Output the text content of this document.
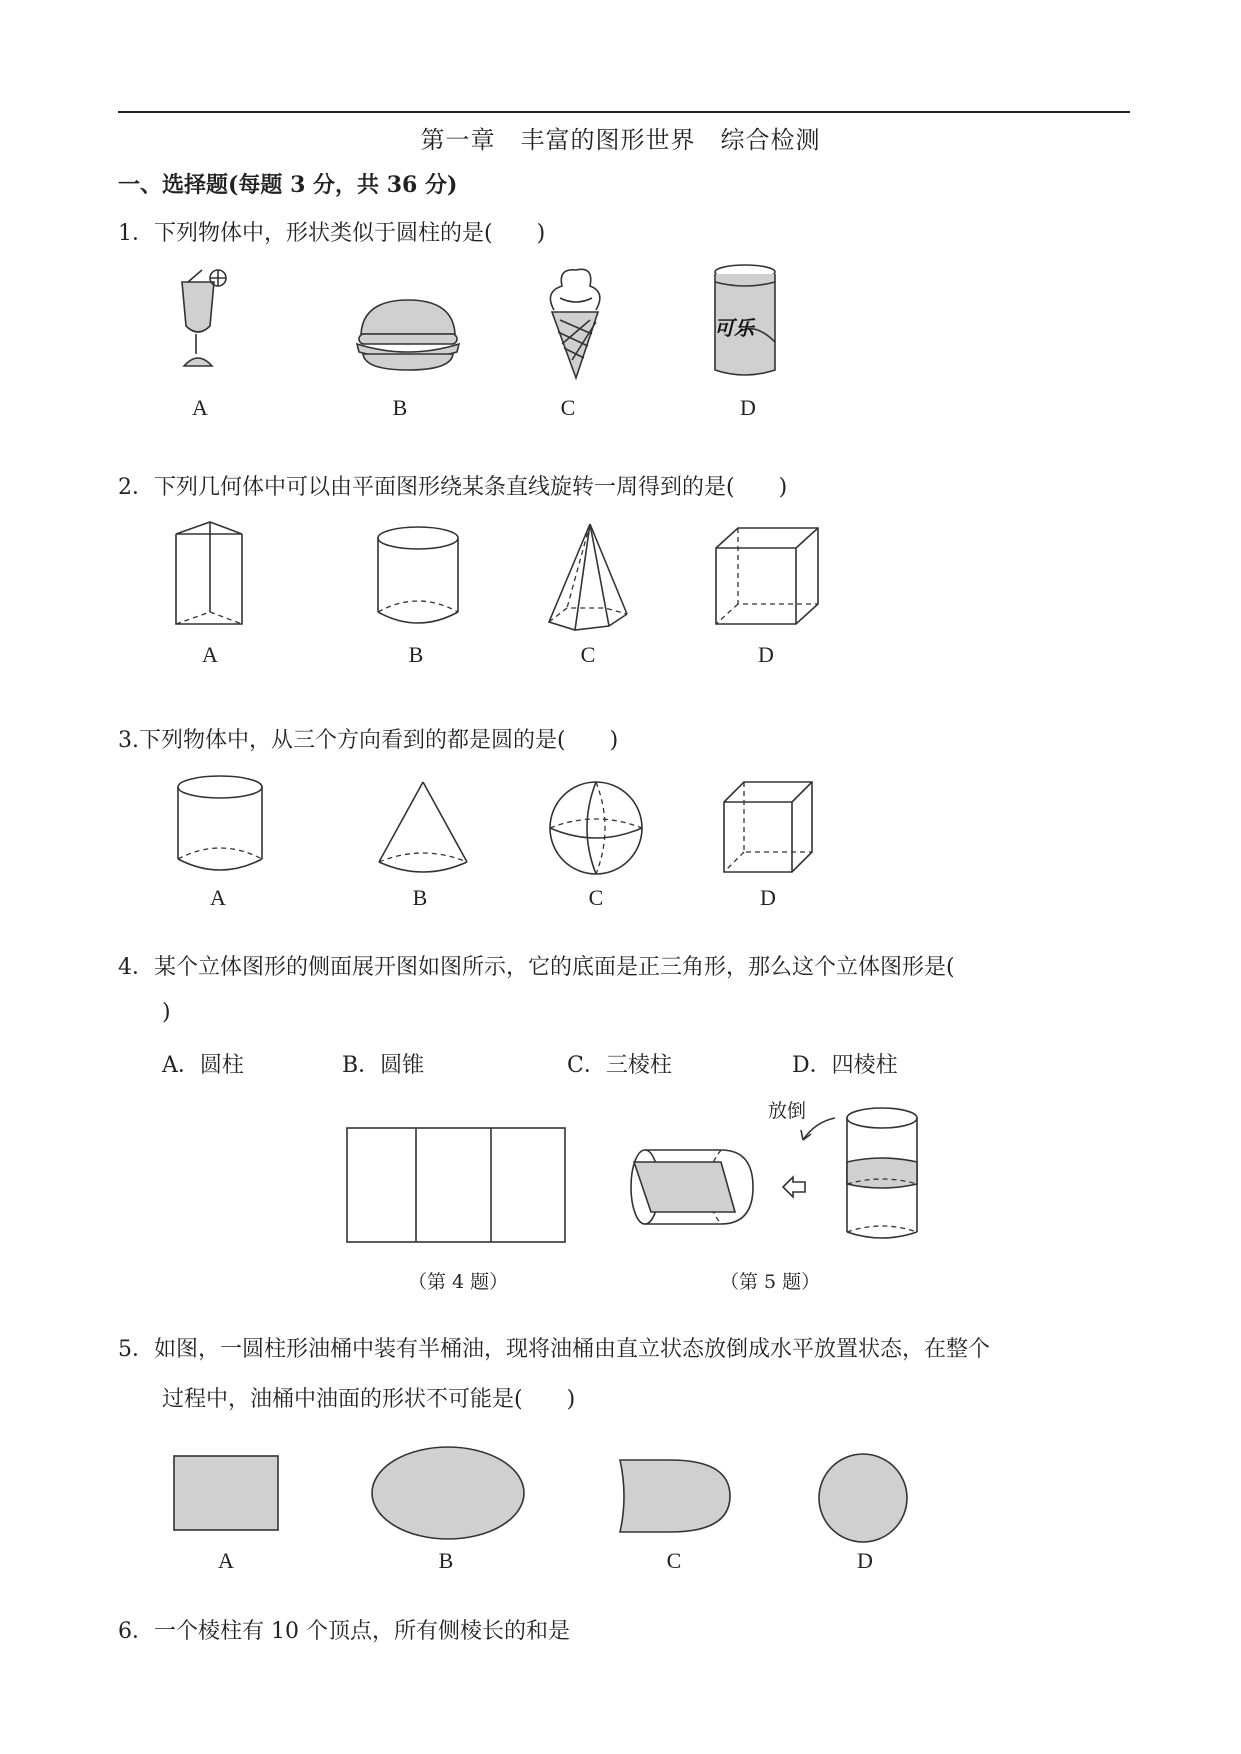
第一章　丰富的图形世界　综合检测
一、选择题(每题 3 分，共 36 分)
1．下列物体中，形状类似于圆柱的是(　　)
A	B	C
可乐
D
2．下列几何体中可以由平面图形绕某条直线旋转一周得到的是(　　)
A	B	C	D
3.下列物体中，从三个方向看到的都是圆的是(　　)
A	B	C	D
4．某个立体图形的侧面展开图如图所示，它的底面是正三角形，那么这个立体图形是(
)
A．圆柱	B．圆锥	C．三棱柱	D．四棱柱
（第 4 题）
放倒
（第 5 题）
5．如图，一圆柱形油桶中装有半桶油，现将油桶由直立状态放倒成水平放置状态，在整个
过程中，油桶中油面的形状不可能是(　　)
A	B	C	D
6．一个棱柱有 10 个顶点，所有侧棱长的和是
